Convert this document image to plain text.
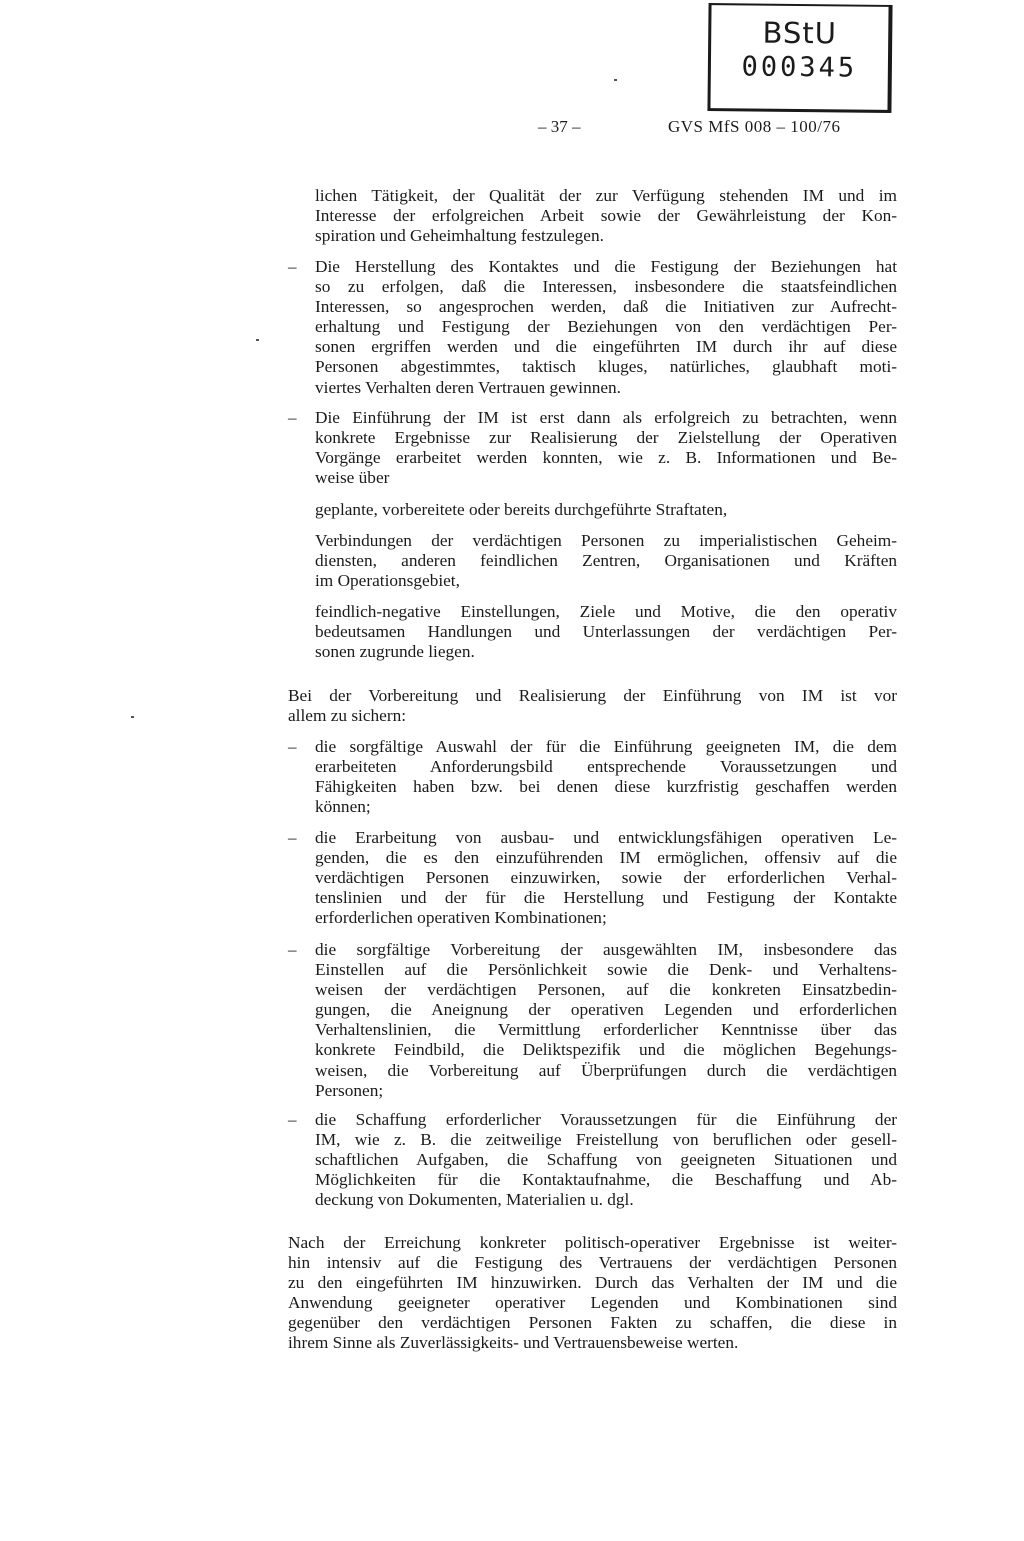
BStU
000345
– 37 –	GVS MfS 008 – 100/76
lichen Tätigkeit, der Qualität der zur Verfügung stehenden IM und im
Interesse der erfolgreichen Arbeit sowie der Gewährleistung der Kon-
spiration und Geheimhaltung festzulegen.
Die Herstellung des Kontaktes und die Festigung der Beziehungen hat
so zu erfolgen, daß die Interessen, insbesondere die staatsfeindlichen
Interessen, so angesprochen werden, daß die Initiativen zur Aufrecht-
erhaltung und Festigung der Beziehungen von den verdächtigen Per-
sonen ergriffen werden und die eingeführten IM durch ihr auf diese
Personen abgestimmtes, taktisch kluges, natürliches, glaubhaft moti-
viertes Verhalten deren Vertrauen gewinnen.
–
Die Einführung der IM ist erst dann als erfolgreich zu betrachten, wenn
konkrete Ergebnisse zur Realisierung der Zielstellung der Operativen
Vorgänge erarbeitet werden konnten, wie z. B. Informationen und Be-
weise über
–
geplante, vorbereitete oder bereits durchgeführte Straftaten,
Verbindungen der verdächtigen Personen zu imperialistischen Geheim-
diensten, anderen feindlichen Zentren, Organisationen und Kräften
im Operationsgebiet,
feindlich-negative Einstellungen, Ziele und Motive, die den operativ
bedeutsamen Handlungen und Unterlassungen der verdächtigen Per-
sonen zugrunde liegen.
Bei der Vorbereitung und Realisierung der Einführung von IM ist vor
allem zu sichern:
die sorgfältige Auswahl der für die Einführung geeigneten IM, die dem
erarbeiteten Anforderungsbild entsprechende Voraussetzungen und
Fähigkeiten haben bzw. bei denen diese kurzfristig geschaffen werden
können;
–
die Erarbeitung von ausbau- und entwicklungsfähigen operativen Le-
genden, die es den einzuführenden IM ermöglichen, offensiv auf die
verdächtigen Personen einzuwirken, sowie der erforderlichen Verhal-
tenslinien und der für die Herstellung und Festigung der Kontakte
erforderlichen operativen Kombinationen;
–
die sorgfältige Vorbereitung der ausgewählten IM, insbesondere das
Einstellen auf die Persönlichkeit sowie die Denk- und Verhaltens-
weisen der verdächtigen Personen, auf die konkreten Einsatzbedin-
gungen, die Aneignung der operativen Legenden und erforderlichen
Verhaltenslinien, die Vermittlung erforderlicher Kenntnisse über das
konkrete Feindbild, die Deliktspezifik und die möglichen Begehungs-
weisen, die Vorbereitung auf Überprüfungen durch die verdächtigen
Personen;
–
die Schaffung erforderlicher Voraussetzungen für die Einführung der
IM, wie z. B. die zeitweilige Freistellung von beruflichen oder gesell-
schaftlichen Aufgaben, die Schaffung von geeigneten Situationen und
Möglichkeiten für die Kontaktaufnahme, die Beschaffung und Ab-
deckung von Dokumenten, Materialien u. dgl.
–
Nach der Erreichung konkreter politisch-operativer Ergebnisse ist weiter-
hin intensiv auf die Festigung des Vertrauens der verdächtigen Personen
zu den eingeführten IM hinzuwirken. Durch das Verhalten der IM und die
Anwendung geeigneter operativer Legenden und Kombinationen sind
gegenüber den verdächtigen Personen Fakten zu schaffen, die diese in
ihrem Sinne als Zuverlässigkeits- und Vertrauensbeweise werten.
